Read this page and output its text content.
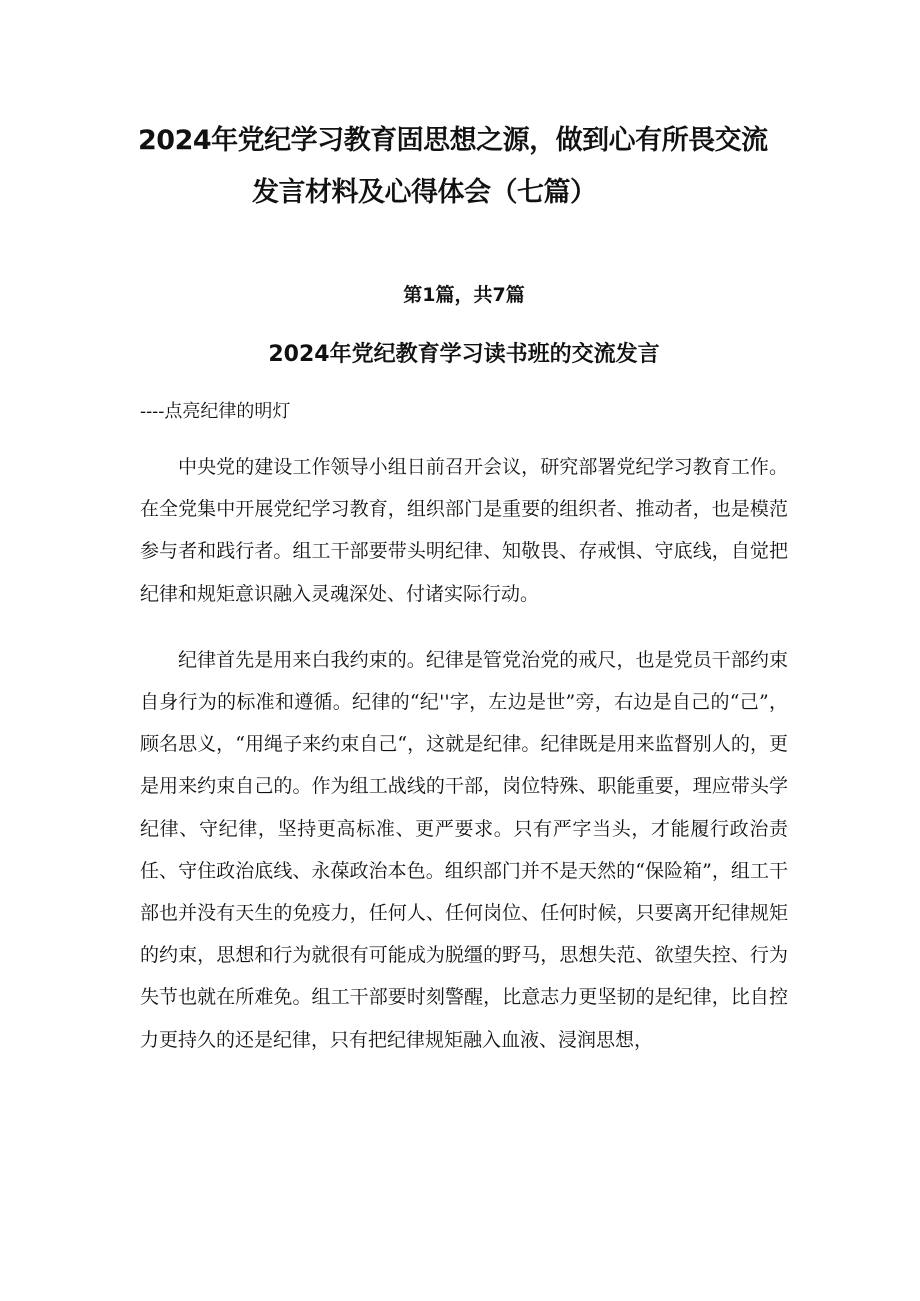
2024年党纪学习教育固思想之源，做到心有所畏交流
发言材料及心得体会（七篇）

第1篇，共7篇

2024年党纪教育学习读书班的交流发言

----点亮纪律的明灯

中央党的建设工作领导小组日前召开会议，研究部署党纪学习教育工作。在全党集中开展党纪学习教育，组织部门是重要的组织者、推动者，也是模范参与者和践行者。组工干部要带头明纪律、知敬畏、存戒惧、守底线，自觉把纪律和规矩意识融入灵魂深处、付诸实际行动。

纪律首先是用来白我约束的。纪律是管党治党的戒尺，也是党员干部约束自身行为的标准和遵循。纪律的“纪''字，左边是世”旁，右边是自己的“己”，顾名思义，“用绳子来约束自己“，这就是纪律。纪律既是用来监督别人的，更是用来约束自己的。作为组工战线的干部，岗位特殊、职能重要，理应带头学纪律、守纪律，坚持更高标准、更严要求。只有严字当头，才能履行政治责任、守住政治底线、永葆政治本色。组织部门并不是天然的“保险箱”，组工干部也并没有天生的免疫力，任何人、任何岗位、任何时候，只要离开纪律规矩的约束，思想和行为就很有可能成为脱缰的野马，思想失范、欲望失控、行为失节也就在所难免。组工干部要时刻警醒，比意志力更坚韧的是纪律，比自控力更持久的还是纪律，只有把纪律规矩融入血液、浸润思想，
